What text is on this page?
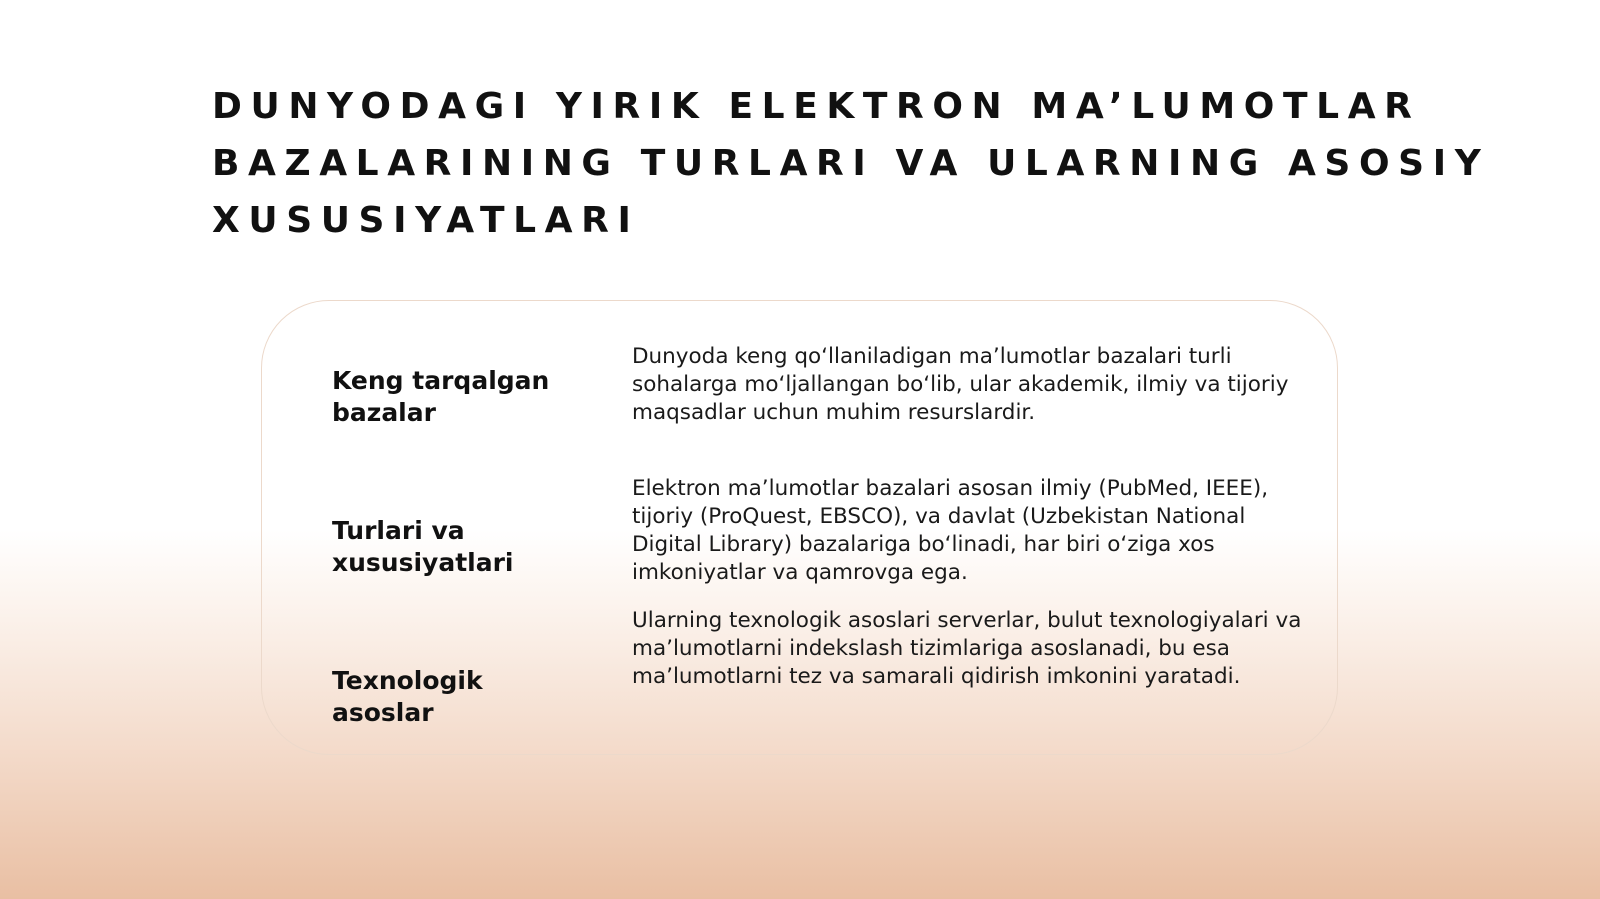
DUNYODAGI YIRIK ELEKTRON MA’LUMOTLAR BAZALARINING TURLARI VA ULARNING ASOSIY XUSUSIYATLARI

Keng tarqalgan bazalar

Dunyoda keng qo‘llaniladigan ma’lumotlar bazalari turli sohalarga mo‘ljallangan bo‘lib, ular akademik, ilmiy va tijoriy maqsadlar uchun muhim resurslardir.

Turlari va xususiyatlari

Elektron ma’lumotlar bazalari asosan ilmiy (PubMed, IEEE), tijoriy (ProQuest, EBSCO), va davlat (Uzbekistan National Digital Library) bazalariga bo‘linadi, har biri o‘ziga xos imkoniyatlar va qamrovga ega.

Texnologik asoslar

Ularning texnologik asoslari serverlar, bulut texnologiyalari va ma’lumotlarni indekslash tizimlariga asoslanadi, bu esa ma’lumotlarni tez va samarali qidirish imkonini yaratadi.
